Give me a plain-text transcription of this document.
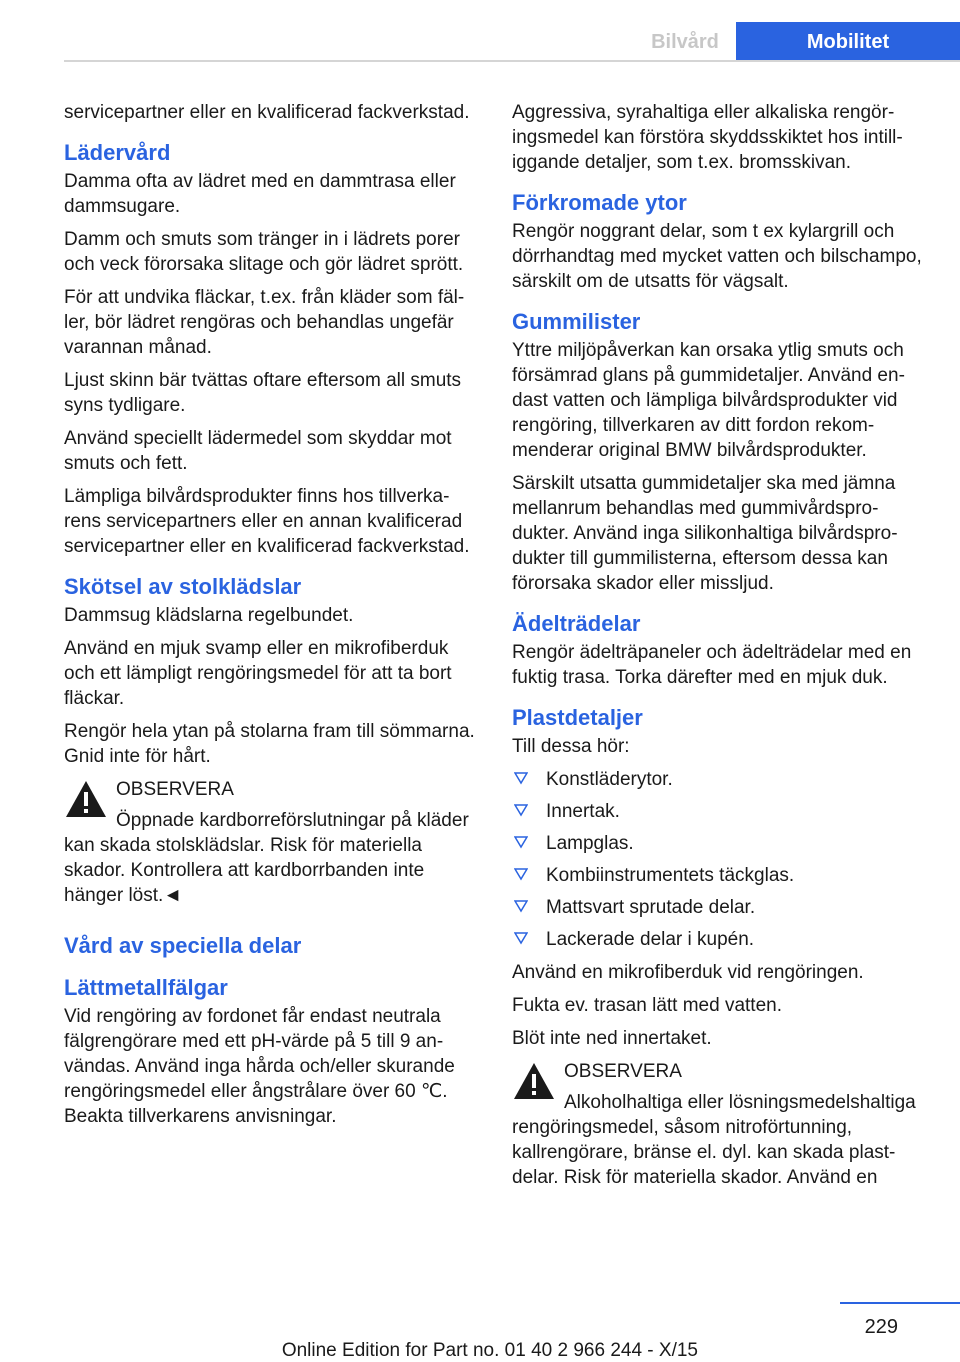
Bilvård	Mobilitet

servicepartner eller en kvalificerad fackverkstad.

Lädervård

Damma ofta av lädret med en dammtrasa eller dammsugare.

Damm och smuts som tränger in i lädrets porer och veck förorsaka slitage och gör lädret sprött.

För att undvika fläckar, t.ex. från kläder som fäller, bör lädret rengöras och behandlas ungefär varannan månad.

Ljust skinn bär tvättas oftare eftersom all smuts syns tydligare.

Använd speciellt lädermedel som skyddar mot smuts och fett.

Lämpliga bilvårdsprodukter finns hos tillverkarens servicepartners eller en annan kvalificerad servicepartner eller en kvalificerad fackverkstad.

Skötsel av stolklädslar

Dammsug klädslarna regelbundet.

Använd en mjuk svamp eller en mikrofiberduk och ett lämpligt rengöringsmedel för att ta bort fläckar.

Rengör hela ytan på stolarna fram till sömmarna. Gnid inte för hårt.

OBSERVERA

Öppnade kardborreförslutningar på kläder kan skada stolsklädslar. Risk för materiella skador. Kontrollera att kardborrbanden inte hänger löst.◄

Vård av speciella delar
Lättmetallfälgar

Vid rengöring av fordonet får endast neutrala fälgrengörare med ett pH-värde på 5 till 9 användas. Använd inga hårda och/eller skurande rengöringsmedel eller ångstrålare över 60 ℃. Beakta tillverkarens anvisningar.

Aggressiva, syrahaltiga eller alkaliska rengöringsmedel kan förstöra skyddsskiktet hos intilliggande detaljer, som t.ex. bromsskivan.

Förkromade ytor

Rengör noggrant delar, som t ex kylargrill och dörrhandtag med mycket vatten och bilschampo, särskilt om de utsatts för vägsalt.

Gummilister

Yttre miljöpåverkan kan orsaka ytlig smuts och försämrad glans på gummidetaljer. Använd endast vatten och lämpliga bilvårdsprodukter vid rengöring, tillverkaren av ditt fordon rekommenderar original BMW bilvårdsprodukter.

Särskilt utsatta gummidetaljer ska med jämna mellanrum behandlas med gummivårdsprodukter. Använd inga silikonhaltiga bilvårdsprodukter till gummilisterna, eftersom dessa kan förorsaka skador eller missljud.

Ädelträdelar

Rengör ädelträpaneler och ädelträdelar med en fuktig trasa. Torka därefter med en mjuk duk.

Plastdetaljer

Till dessa hör:

Konstläderytor.
Innertak.
Lampglas.
Kombiinstrumentets täckglas.
Mattsvart sprutade delar.
Lackerade delar i kupén.

Använd en mikrofiberduk vid rengöringen.

Fukta ev. trasan lätt med vatten.

Blöt inte ned innertaket.

OBSERVERA

Alkoholhaltiga eller lösningsmedelshaltiga rengöringsmedel, såsom nitroförtunning, kallrengörare, bränse el. dyl. kan skada plastdelar. Risk för materiella skador. Använd en

229
Online Edition for Part no. 01 40 2 966 244 - X/15
